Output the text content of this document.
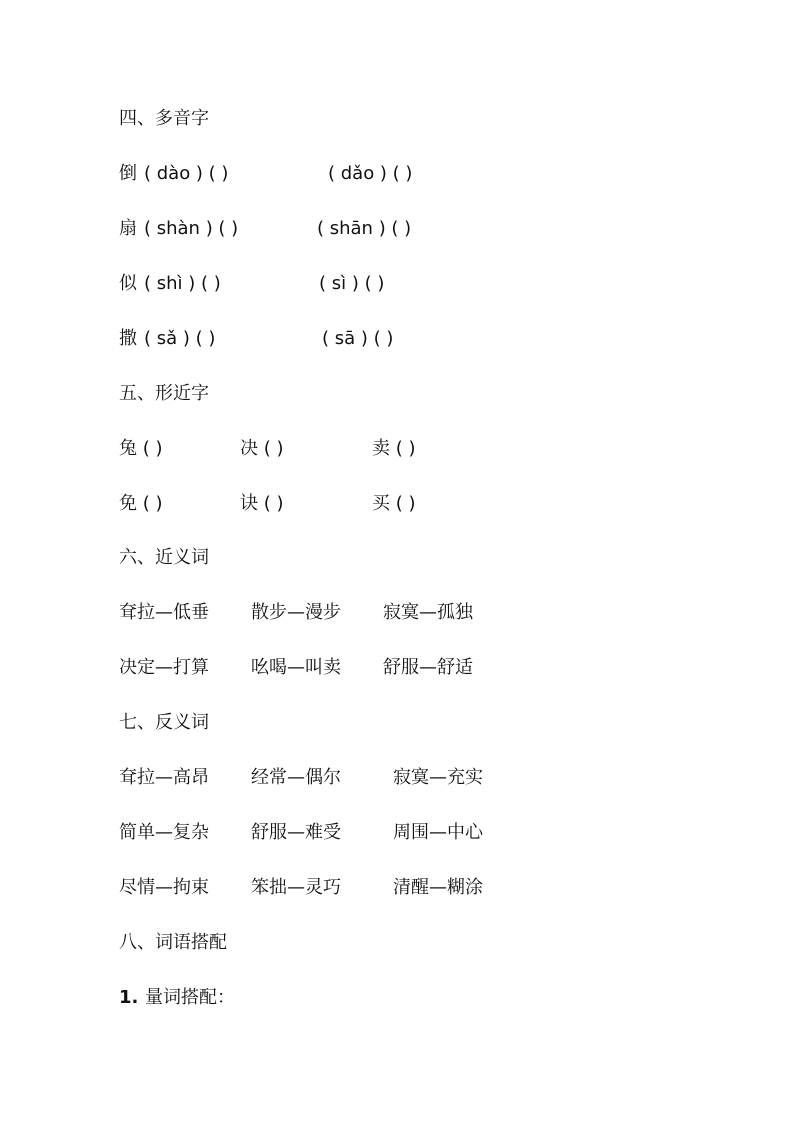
四、多音字
倒 ( dào ) ( )	( dǎo ) ( )
扇 ( shàn ) ( )	( shān ) ( )
似 ( shì ) ( )	( sì ) ( )
撒 ( sǎ ) ( )	( sā ) ( )
五、形近字
兔 ( )	决 ( )	卖 ( )
免 ( )	诀 ( )	买 ( )
六、近义词
耷拉—低垂 散步—漫步 寂寞—孤独
决定—打算 吆喝—叫卖 舒服—舒适
七、反义词
耷拉—高昂 经常—偶尔	寂寞—充实
简单—复杂 舒服—难受	周围—中心
尽情—拘束 笨拙—灵巧	清醒—糊涂
八、词语搭配
1. 量词搭配：
